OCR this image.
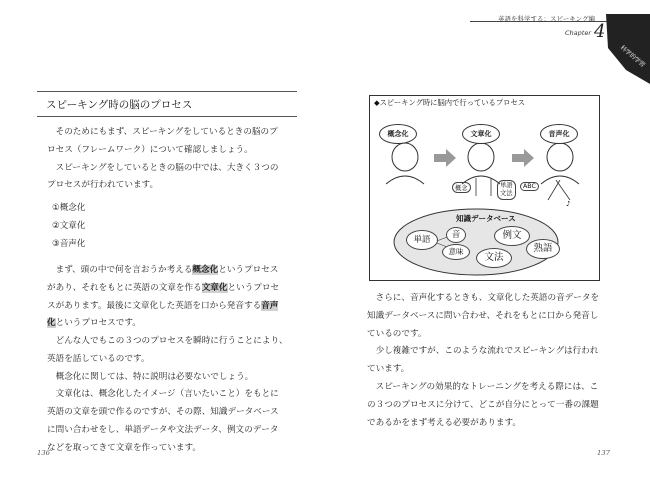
英語を科学する：スピーキング編
Chapter 4
科学的学習
スピーキング時の脳のプロセス
　そのためにもまず、スピーキングをしているときの脳のプ
ロセス（フレームワーク）について確認しましょう。
　スピーキングをしているときの脳の中では、大きく３つの
プロセスが行われています。
①概念化
②文章化
③音声化
　まず、頭の中で何を言おうか考える概念化というプロセス
があり、それをもとに英語の文章を作る文章化というプロセ
スがあります。最後に文章化した英語を口から発音する音声
化というプロセスです。
　どんな人でもこの３つのプロセスを瞬時に行うことにより、
英語を話しているのです。
　概念化に関しては、特に説明は必要ないでしょう。
　文章化は、概念化したイメージ（言いたいこと）をもとに
英語の文章を頭で作るのですが、その際、知識データベース
に問い合わせをし、単語データや文法データ、例文のデータ
などを取ってきて文章を作っています。
136
◆スピーキング時に脳内で行っているプロセス
概念化	文章化	音声化
概念	単語
文法
ABC
♪
知識データベース
単語	音
意味
例文
文法
熟語
　さらに、音声化するときも、文章化した英語の音データを
知識データベースに問い合わせ、それをもとに口から発音し
ているのです。
　少し複雑ですが、このような流れでスピーキングは行われ
ています。
　スピーキングの効果的なトレーニングを考える際には、こ
の３つのプロセスに分けて、どこが自分にとって一番の課題
であるかをまず考える必要があります。
137
